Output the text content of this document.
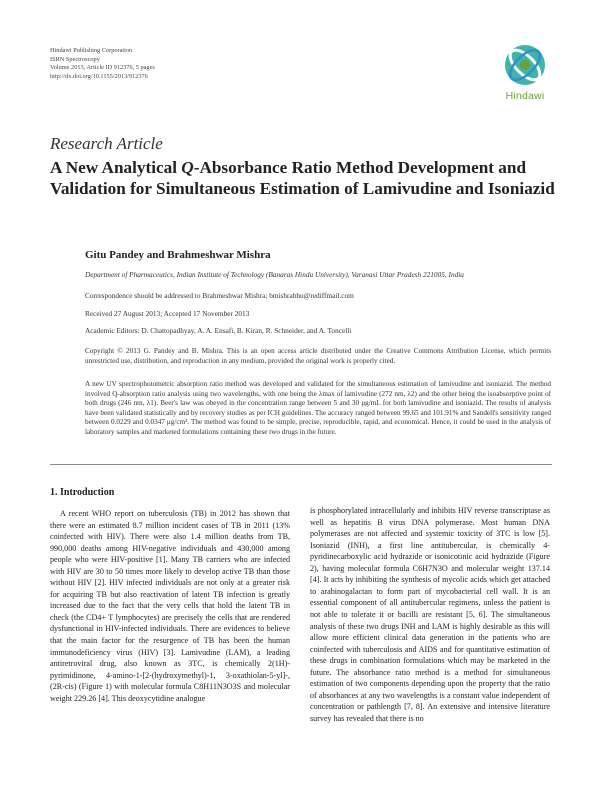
Hindawi Publishing Corporation
ISRN Spectroscopy
Volume 2013, Article ID 912376, 5 pages
http://dx.doi.org/10.1155/2013/912376
Hindawi
Research Article
A New Analytical Q-Absorbance Ratio Method Development and Validation for Simultaneous Estimation of Lamivudine and Isoniazid
Gitu Pandey and Brahmeshwar Mishra
Department of Pharmaceutics, Indian Institute of Technology (Banaras Hindu University), Varanasi Uttar Pradesh 221005, India
Correspondence should be addressed to Brahmeshwar Mishra; bmishrabhu@rediffmail.com
Received 27 August 2013; Accepted 17 November 2013
Academic Editors: D. Chattopadhyay, A. A. Ensafi, B. Kiran, R. Schneider, and A. Toncelli
Copyright © 2013 G. Pandey and B. Mishra. This is an open access article distributed under the Creative Commons Attribution License, which permits unrestricted use, distribution, and reproduction in any medium, provided the original work is properly cited.
A new UV spectrophotometric absorption ratio method was developed and validated for the simultaneous estimation of lamivudine and isoniazid. The method involved Q-absorption ratio analysis using two wavelengths, with one being the λmax of lamivudine (272 nm, λ2) and the other being the isoabsorptive point of both drugs (246 nm, λ1). Beer's law was obeyed in the concentration range between 5 and 30 μg/mL for both lamivudine and isoniazid. The results of analysis have been validated statistically and by recovery studies as per ICH guidelines. The accuracy ranged between 99.65 and 101.91% and Sandell's sensitivity ranged between 0.0229 and 0.0347 μg/cm². The method was found to be simple, precise, reproducible, rapid, and economical. Hence, it could be used in the analysis of laboratory samples and marketed formulations containing these two drugs in the future.
1. Introduction

A recent WHO report on tuberculosis (TB) in 2012 has shown that there were an estimated 8.7 million incident cases of TB in 2011 (13% coinfected with HIV). There were also 1.4 million deaths from TB, 990,000 deaths among HIV-negative individuals and 430,000 among people who were HIV-positive [1]. Many TB carriers who are infected with HIV are 30 to 50 times more likely to develop active TB than those without HIV [2]. HIV infected individuals are not only at a greater risk for acquiring TB but also reactivation of latent TB infection is greatly increased due to the fact that the very cells that hold the latent TB in check (the CD4+ T lymphocytes) are precisely the cells that are rendered dysfunctional in HIV-infected individuals. There are evidences to believe that the main factor for the resurgence of TB has been the human immunodeficiency virus (HIV) [3]. Lamivudine (LAM), a leading antiretroviral drug, also known as 3TC, is chemically 2(1H)-pyrimidinone, 4-amino-1-[2-(hydroxymethyl)-1, 3-oxathiolan-5-yl]-, (2R-cis) (Figure 1) with molecular formula C8H11N3O3S and molecular weight 229.26 [4]. This deoxycytidine analogue

is phosphorylated intracellularly and inhibits HIV reverse transcriptase as well as hepatitis B virus DNA polymerase. Most human DNA polymerases are not affected and systemic toxicity of 3TC is low [5]. Isoniazid (INH), a first line antitubercular, is chemically 4-pyridinecarboxylic acid hydrazide or isonicotinic acid hydrazide (Figure 2), having molecular formula C6H7N3O and molecular weight 137.14 [4]. It acts by inhibiting the synthesis of mycolic acids which get attached to arabinogalactan to form part of mycobacterial cell wall. It is an essential component of all antitubercular regimens, unless the patient is not able to tolerate it or bacilli are resistant [5, 6]. The simultaneous analysis of these two drugs INH and LAM is highly desirable as this will allow more efficient clinical data generation in the patients who are coinfected with tuberculosis and AIDS and for quantitative estimation of these drugs in combination formulations which may be marketed in the future. The absorbance ratio method is a method for simultaneous estimation of two components depending upon the property that the ratio of absorbances at any two wavelengths is a constant value independent of concentration or pathlength [7, 8]. An extensive and intensive literature survey has revealed that there is no
